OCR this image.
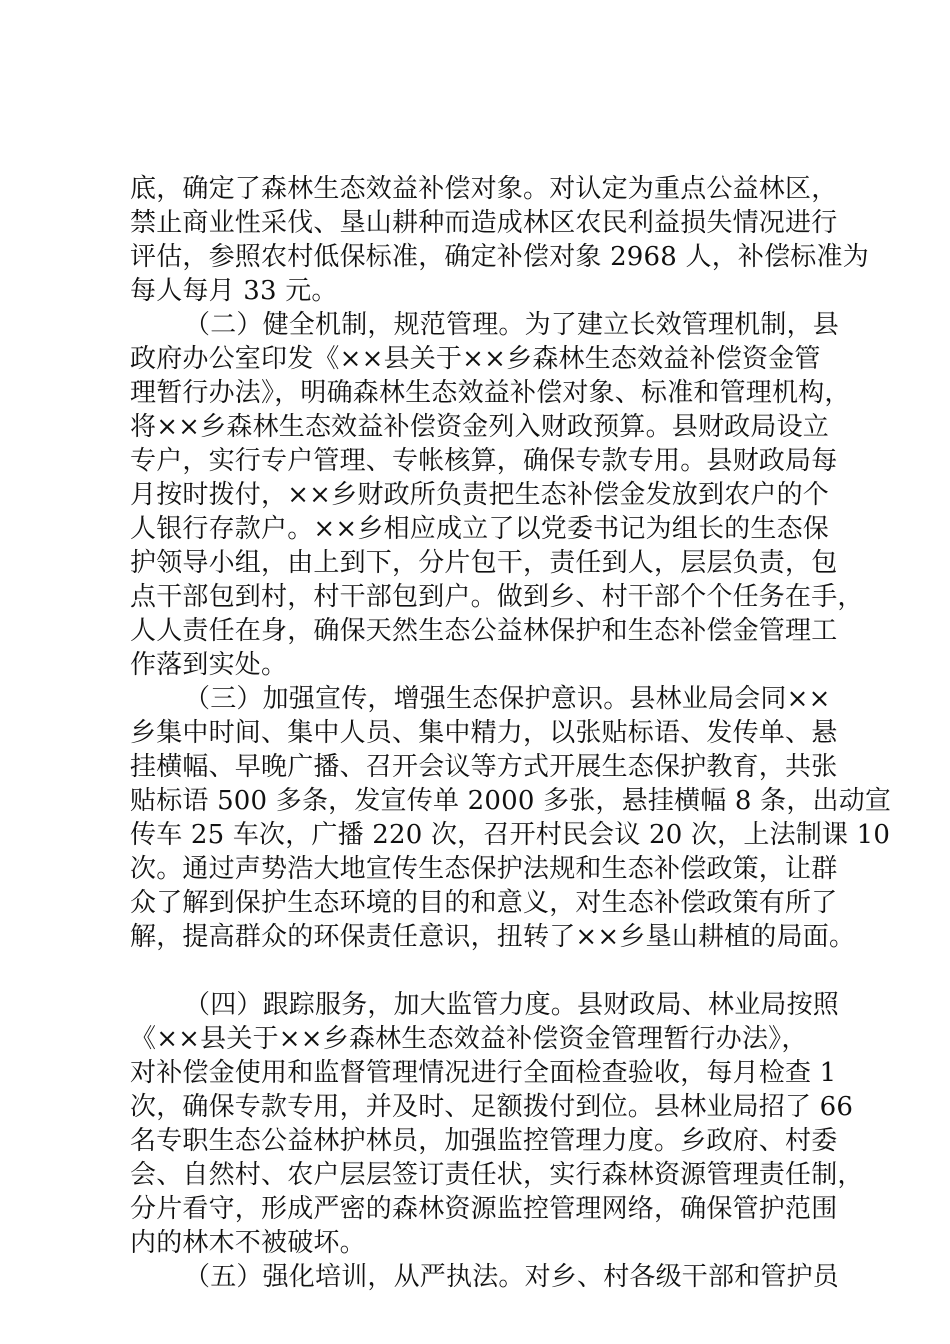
底，确定了森林生态效益补偿对象。对认定为重点公益林区，
禁止商业性采伐、垦山耕种而造成林区农民利益损失情况进行
评估，参照农村低保标准，确定补偿对象 2968 人，补偿标准为
每人每月 33 元。
（二）健全机制，规范管理。为了建立长效管理机制，县
政府办公室印发《××县关于××乡森林生态效益补偿资金管
理暂行办法》，明确森林生态效益补偿对象、标准和管理机构，
将××乡森林生态效益补偿资金列入财政预算。县财政局设立
专户，实行专户管理、专帐核算，确保专款专用。县财政局每
月按时拨付，××乡财政所负责把生态补偿金发放到农户的个
人银行存款户。××乡相应成立了以党委书记为组长的生态保
护领导小组，由上到下，分片包干，责任到人，层层负责，包
点干部包到村，村干部包到户。做到乡、村干部个个任务在手，
人人责任在身，确保天然生态公益林保护和生态补偿金管理工
作落到实处。
（三）加强宣传，增强生态保护意识。县林业局会同××
乡集中时间、集中人员、集中精力，以张贴标语、发传单、悬
挂横幅、早晚广播、召开会议等方式开展生态保护教育，共张
贴标语 500 多条，发宣传单 2000 多张，悬挂横幅 8 条，出动宣
传车 25 车次，广播 220 次，召开村民会议 20 次，上法制课 10
次。通过声势浩大地宣传生态保护法规和生态补偿政策，让群
众了解到保护生态环境的目的和意义，对生态补偿政策有所了
解，提高群众的环保责任意识，扭转了××乡垦山耕植的局面。
（四）跟踪服务，加大监管力度。县财政局、林业局按照
《××县关于××乡森林生态效益补偿资金管理暂行办法》，
对补偿金使用和监督管理情况进行全面检查验收，每月检查 1
次，确保专款专用，并及时、足额拨付到位。县林业局招了 66
名专职生态公益林护林员，加强监控管理力度。乡政府、村委
会、自然村、农户层层签订责任状，实行森林资源管理责任制，
分片看守，形成严密的森林资源监控管理网络，确保管护范围
内的林木不被破坏。
（五）强化培训，从严执法。对乡、村各级干部和管护员
